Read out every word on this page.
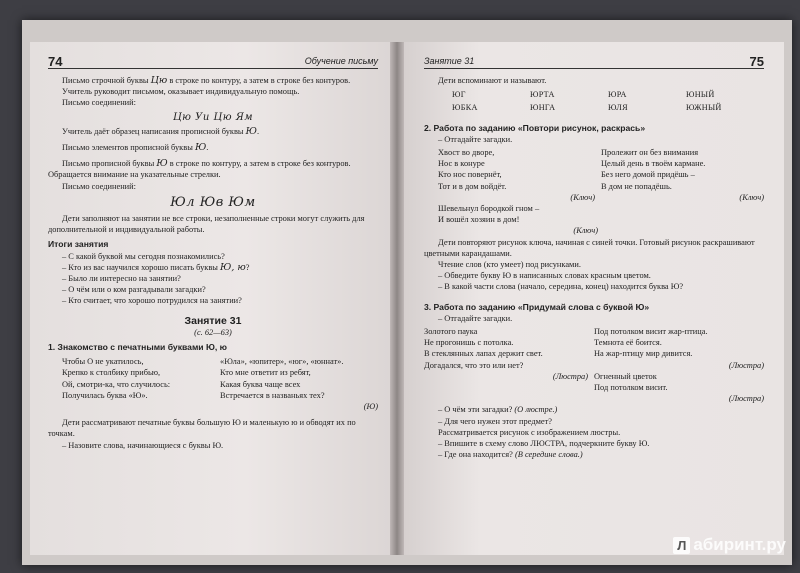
74	Обучение письму

Письмо строчной буквы Цю в строке по контуру, а затем в строке без контуров.

Учитель руководит письмом, оказывает индивидуальную помощь.

Письмо соединений:

Цю Уи Цю Ям

Учитель даёт образец написания прописной буквы Ю.

Письмо элементов прописной буквы Ю.

Письмо прописной буквы Ю в строке по контуру, а затем в строке без контуров. Обращается внимание на указательные стрелки.

Письмо соединений:

Юл Юв Юм

Дети заполняют на занятии не все строки, незаполненные строки могут служить для дополнительной и индивидуальной работы.

Итоги занятия

– С какой буквой мы сегодня познакомились?

– Кто из вас научился хорошо писать буквы Ю, ю?

– Было ли интересно на занятии?

– О чём или о ком разгадывали загадки?

– Кто считает, что хорошо потрудился на занятии?

Занятие 31

(с. 62—63)

1. Знакомство с печатными буквами Ю, ю

Чтобы О не укатилось,

Крепко к столбику прибью,

Ой, смотри-ка, что случилось:

Получилась буква «Ю».

«Юла», «юпитер», «юг», «юннат».

Кто мне ответит из ребят,

Какая буква чаще всех

Встречается в названьях тех?

(Ю)

Дети рассматривают печатные буквы большую Ю и маленькую ю и обводят их по точкам.

– Назовите слова, начинающиеся с буквы Ю.

Занятие 31	75

Дети вспоминают и называют.

ЮГ	ЮРТА	ЮРА	ЮНЫЙ
ЮБКА	ЮНГА	ЮЛЯ	ЮЖНЫЙ

2. Работа по заданию «Повтори рисунок, раскрась»

– Отгадайте загадки.

Хвост во дворе,

Нос в конуре

Кто нос повернёт,

Тот и в дом войдёт.

(Ключ)

Пролежит он без внимания

Целый день в твоём кармане.

Без него домой придёшь –

В дом не попадёшь.

(Ключ)

Шевельнул бородкой гном –

И вошёл хозяин в дом!

(Ключ)

Дети повторяют рисунок ключа, начиная с синей точки. Готовый рисунок раскрашивают цветными карандашами.

Чтение слов (кто умеет) под рисунками.

– Обведите букву Ю в написанных словах красным цветом.

– В какой части слова (начало, середина, конец) находится буква Ю?

3. Работа по заданию «Придумай слова с буквой Ю»

– Отгадайте загадки.

Золотого паука

Не прогонишь с потолка.

В стеклянных лапах держит свет.

Догадался, что это или нет?

(Люстра)

Под потолком висит жар-птица.

Темнота её боится.

На жар-птицу мир дивится.

(Люстра)

Огненный цветок

Под потолком висит.

(Люстра)

– О чём эти загадки? (О люстре.)

– Для чего нужен этот предмет?

Рассматривается рисунок с изображением люстры.

– Впишите в схему слово ЛЮСТРА, подчеркните букву Ю.

– Где она находится? (В середине слова.)

Л абиринт.ру
